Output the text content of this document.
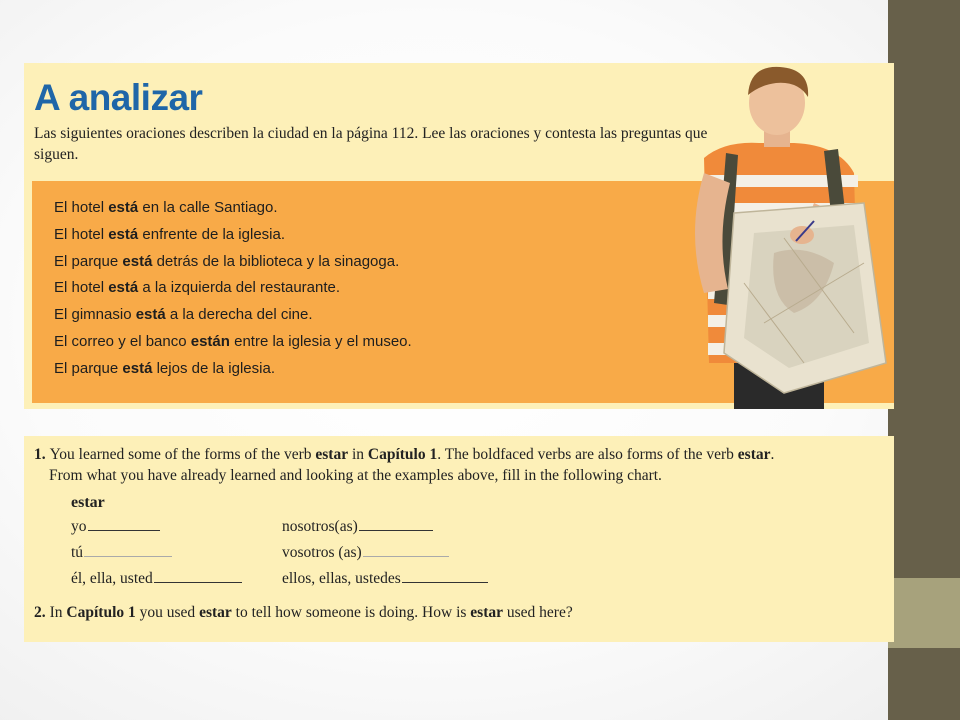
A analizar
Las siguientes oraciones describen la ciudad en la página 112. Lee las oraciones y contesta las preguntas que siguen.
El hotel está en la calle Santiago.
El hotel está enfrente de la iglesia.
El parque está detrás de la biblioteca y la sinagoga.
El hotel está a la izquierda del restaurante.
El gimnasio está a la derecha del cine.
El correo y el banco están entre la iglesia y el museo.
El parque está lejos de la iglesia.
1. You learned some of the forms of the verb estar in Capítulo 1. The boldfaced verbs are also forms of the verb estar.
From what you have already learned and looking at the examples above, fill in the following chart.
estar
yo	nosotros(as)
tú	vosotros (as)
él, ella, usted	ellos, ellas, ustedes
2. In Capítulo 1 you used estar to tell how someone is doing. How is estar used here?
